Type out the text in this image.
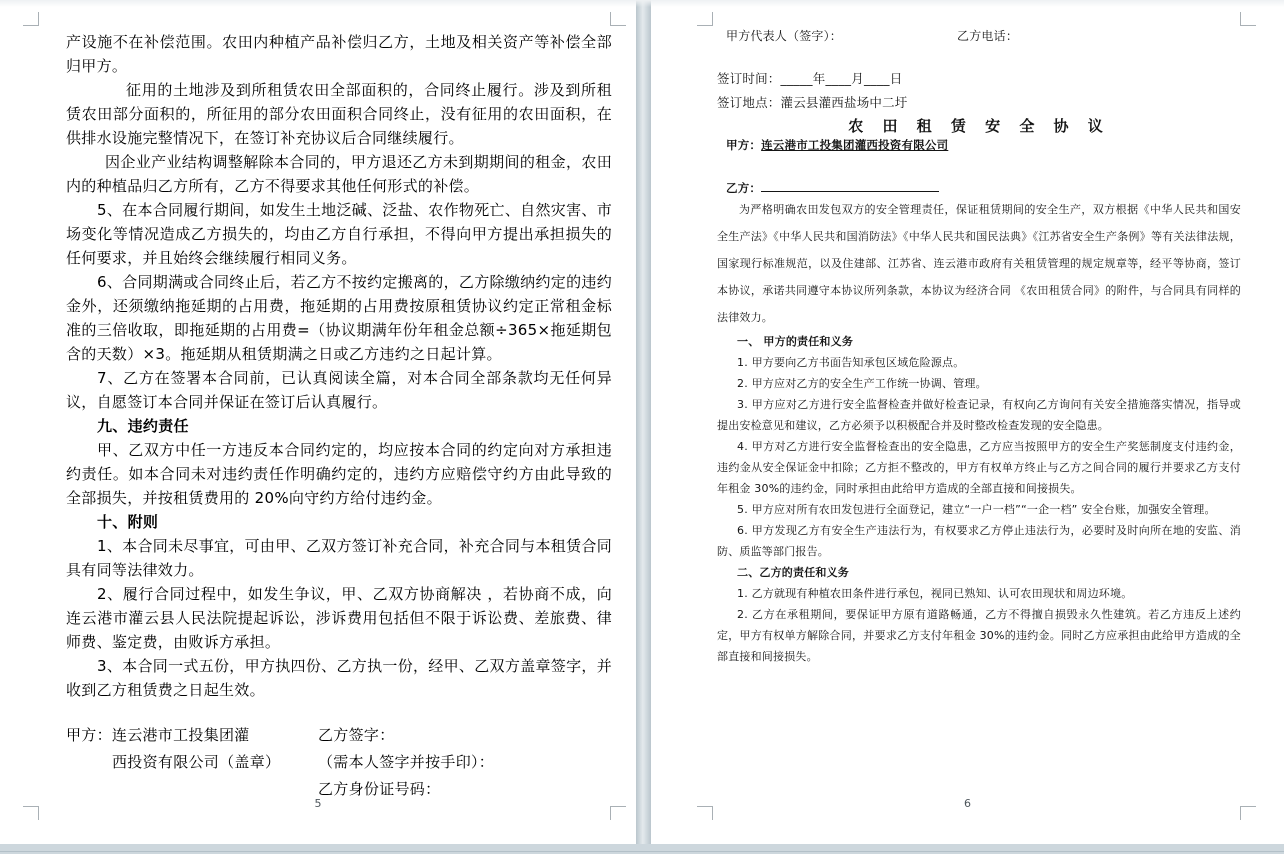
产设施不在补偿范围。农田内种植产品补偿归乙方，土地及相关资产等补偿全部归甲方。

征用的土地涉及到所租赁农田全部面积的，合同终止履行。涉及到所租赁农田部分面积的，所征用的部分农田面积合同终止，没有征用的农田面积，在供排水设施完整情况下，在签订补充协议后合同继续履行。

因企业产业结构调整解除本合同的，甲方退还乙方未到期期间的租金，农田内的种植品归乙方所有，乙方不得要求其他任何形式的补偿。

5、在本合同履行期间，如发生土地泛碱、泛盐、农作物死亡、自然灾害、市场变化等情况造成乙方损失的，均由乙方自行承担，不得向甲方提出承担损失的任何要求，并且始终会继续履行相同义务。

6、合同期满或合同终止后，若乙方不按约定搬离的，乙方除缴纳约定的违约金外，还须缴纳拖延期的占用费，拖延期的占用费按原租赁协议约定正常租金标准的三倍收取，即拖延期的占用费=（协议期满年份年租金总额÷365×拖延期包含的天数）×3。拖延期从租赁期满之日或乙方违约之日起计算。

7、乙方在签署本合同前，已认真阅读全篇，对本合同全部条款均无任何异议，自愿签订本合同并保证在签订后认真履行。

九、违约责任

甲、乙双方中任一方违反本合同约定的，均应按本合同的约定向对方承担违约责任。如本合同未对违约责任作明确约定的，违约方应赔偿守约方由此导致的全部损失，并按租赁费用的 20%向守约方给付违约金。

十、附则

1、本合同未尽事宜，可由甲、乙双方签订补充合同，补充合同与本租赁合同具有同等法律效力。

2、履行合同过程中，如发生争议，甲、乙双方协商解决 ，若协商不成，向连云港市灌云县人民法院提起诉讼，涉诉费用包括但不限于诉讼费、差旅费、律师费、鉴定费，由败诉方承担。

3、本合同一式五份，甲方执四份、乙方执一份，经甲、乙双方盖章签字，并收到乙方租赁费之日起生效。

甲方：连云港市工投集团灌

西投资有限公司（盖章）

乙方签字：

（需本人签字并按手印）：

乙方身份证号码：

5
甲方代表人（签字）：	乙方电话：

签订时间：_____年____月____日

签订地点：灌云县灌西盐场中二圩

农 田 租 赁 安 全 协 议

甲方：连云港市工投集团灌西投资有限公司

乙方：

为严格明确农田发包双方的安全管理责任，保证租赁期间的安全生产，双方根据《中华人民共和国安全生产法》《中华人民共和国消防法》《中华人民共和国民法典》《江苏省安全生产条例》等有关法律法规，国家现行标准规范，以及住建部、江苏省、连云港市政府有关租赁管理的规定规章等，经平等协商，签订本协议，承诺共同遵守本协议所列条款，本协议为经济合同 《农田租赁合同》的附件，与合同具有同样的法律效力。

一、 甲方的责任和义务

1. 甲方要向乙方书面告知承包区域危险源点。

2. 甲方应对乙方的安全生产工作统一协调、管理。

3. 甲方应对乙方进行安全监督检查并做好检查记录，有权向乙方询问有关安全措施落实情况，指导或提出安检意见和建议，乙方必须予以积极配合并及时整改检查发现的安全隐患。

4. 甲方对乙方进行安全监督检查出的安全隐患，乙方应当按照甲方的安全生产奖惩制度支付违约金，违约金从安全保证金中扣除；乙方拒不整改的，甲方有权单方终止与乙方之间合同的履行并要求乙方支付年租金 30%的违约金，同时承担由此给甲方造成的全部直接和间接损失。

5. 甲方应对所有农田发包进行全面登记，建立“一户一档”“一企一档” 安全台账，加强安全管理。

6. 甲方发现乙方有安全生产违法行为，有权要求乙方停止违法行为，必要时及时向所在地的安监、消防、质监等部门报告。

二、乙方的责任和义务

1. 乙方就现有种植农田条件进行承包，视同已熟知、认可农田现状和周边环境。

2. 乙方在承租期间，要保证甲方原有道路畅通，乙方不得擅自损毁永久性建筑。若乙方违反上述约定，甲方有权单方解除合同，并要求乙方支付年租金 30%的违约金。同时乙方应承担由此给甲方造成的全部直接和间接损失。

6
